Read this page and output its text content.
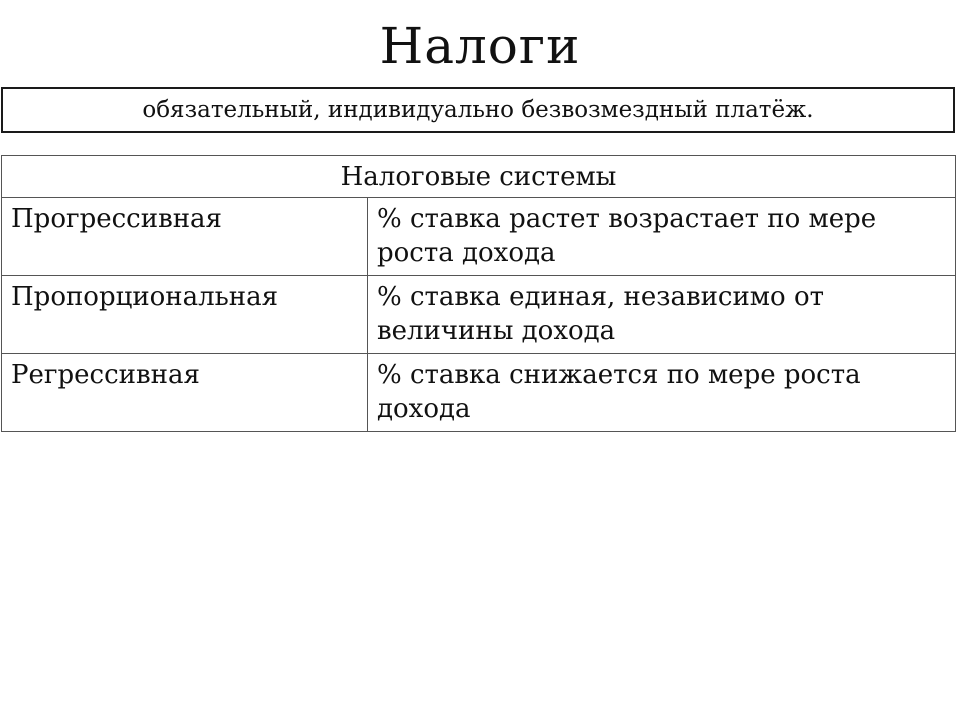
Налоги
обязательный, индивидуально безвозмездный платёж.
Налоговые системы	
Прогрессивная	% ставка растет возрастает по мере роста дохода
Пропорциональная	% ставка единая, независимо от величины дохода
Регрессивная	% ставка снижается по мере роста дохода
